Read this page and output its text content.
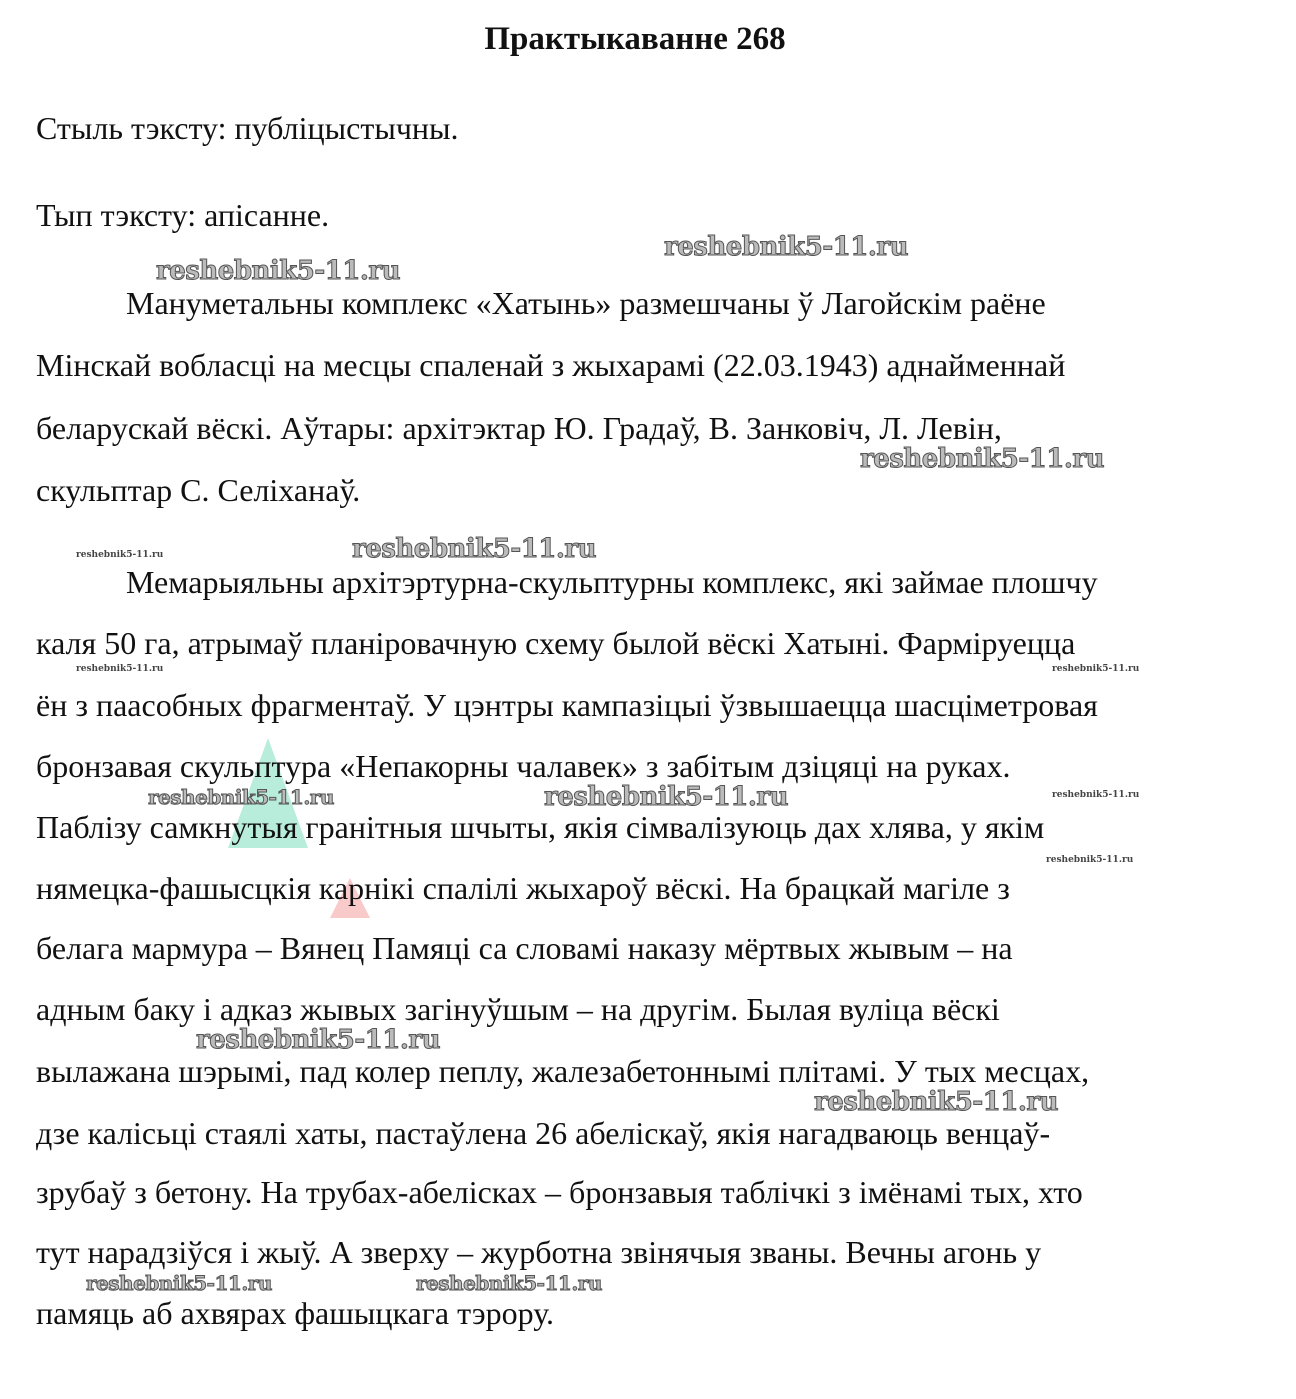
Практыкаванне 268
Стыль тэксту: публіцыстычны.
Тып тэксту: апісанне.
Мануметальны комплекс «Хатынь» размешчаны ў Лагойскім раёне
Мінскай вобласці на месцы спаленай з жыхарамі (22.03.1943) аднайменнай
беларускай вёскі. Аўтары: архітэктар Ю. Градаў, В. Занковіч, Л. Левін,
скульптар С. Селіханаў.
Мемарыяльны архітэртурна-скульптурны комплекс, які займае плошчу
каля 50 га, атрымаў планіровачную схему былой вёскі Хатыні. Фарміруецца
ён з паасобных фрагментаў. У цэнтры кампазіцыі ўзвышаецца шасціметровая
бронзавая скульптура «Непакорны чалавек» з забітым дзіцяці на руках.
Паблізу самкнутыя гранітныя шчыты, якія сімвалізуюць дах хлява, у якім
нямецка-фашысцкія карнікі спалілі жыхароў вёскі. На брацкай магіле з
белага мармура – Вянец Памяці са словамі наказу мёртвых жывым – на
адным баку і адказ жывых загінуўшым – на другім. Былая вуліца вёскі
вылажана шэрымі, пад колер пеплу, жалезабетоннымі плітамі. У тых месцах,
дзе калісьці стаялі хаты, пастаўлена 26 абеліскаў, якія нагадваюць венцаў-
зрубаў з бетону. На трубах-абелісках – бронзавыя таблічкі з імёнамі тых, хто
тут нарадзіўся і жыў. А зверху – журботна звінячыя званы. Вечны агонь у
памяць аб ахвярах фашыцкага тэрору.
reshebnik5-11.ru
reshebnik5-11.ru
reshebnik5-11.ru
reshebnik5-11.ru
reshebnik5-11.ru
reshebnik5-11.ru	reshebnik5-11.ru
reshebnik5-11.ru
reshebnik5-11.ru
reshebnik5-11.ru
reshebnik5-11.ru
reshebnik5-11.ru
reshebnik5-11.ru
reshebnik5-11.ru	reshebnik5-11.ru
